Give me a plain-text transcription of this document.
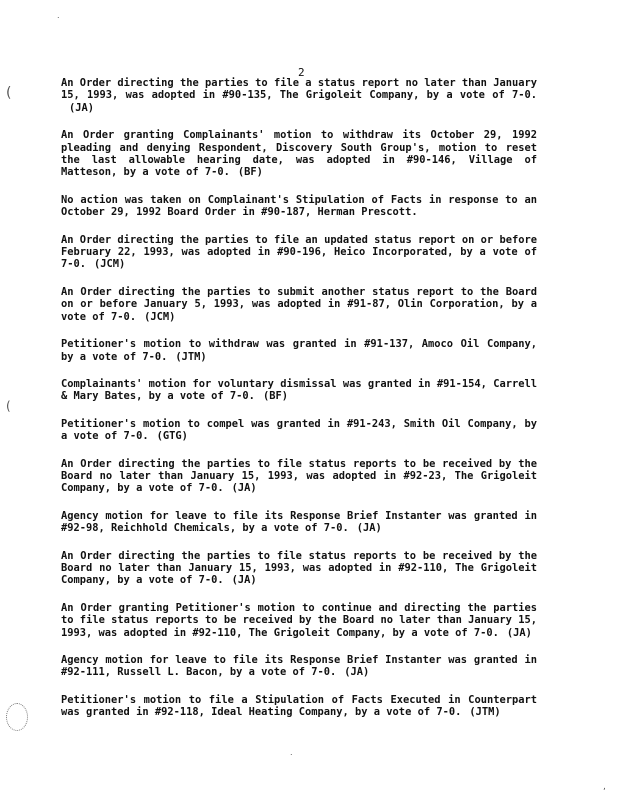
.
(
(
.
,
2

An Order directing the parties to file a status report no later than January 15, 1993, was adopted in #90-135, The Grigoleit Company, by a vote of 7-0.(JA)

An Order granting Complainants' motion to withdraw its October 29, 1992 pleading and denying Respondent, Discovery South Group's, motion to reset the last allowable hearing date, was adopted in #90-146, Village of Matteson, by a vote of 7-0. (BF)

No action was taken on Complainant's Stipulation of Facts in response to an October 29, 1992 Board Order in #90-187, Herman Prescott.

An Order directing the parties to file an updated status report on or before February 22, 1993, was adopted in #90-196, Heico Incorporated, by a vote of 7-0. (JCM)

An Order directing the parties to submit another status report to the Board on or before January 5, 1993, was adopted in #91-87, Olin Corporation, by a vote of 7-0. (JCM)

Petitioner's motion to withdraw was granted in #91-137, Amoco Oil Company, by a vote of 7-0. (JTM)

Complainants' motion for voluntary dismissal was granted in #91-154, Carrell & Mary Bates, by a vote of 7-0. (BF)

Petitioner's motion to compel was granted in #91-243, Smith Oil Company, by a vote of 7-0. (GTG)

An Order directing the parties to file status reports to be received by the Board no later than January 15, 1993, was adopted in #92-23, The Grigoleit Company, by a vote of 7-0. (JA)

Agency motion for leave to file its Response Brief Instanter was granted in #92-98, Reichhold Chemicals, by a vote of 7-0. (JA)

An Order directing the parties to file status reports to be received by the Board no later than January 15, 1993, was adopted in #92-110, The Grigoleit Company, by a vote of 7-0. (JA)

An Order granting Petitioner's motion to continue and directing the parties to file status reports to be received by the Board no later than January 15, 1993, was adopted in #92-110, The Grigoleit Company, by a vote of 7-0. (JA)

Agency motion for leave to file its Response Brief Instanter was granted in #92-111, Russell L. Bacon, by a vote of 7-0. (JA)

Petitioner's motion to file a Stipulation of Facts Executed in Counterpart was granted in #92-118, Ideal Heating Company, by a vote of 7-0. (JTM)
